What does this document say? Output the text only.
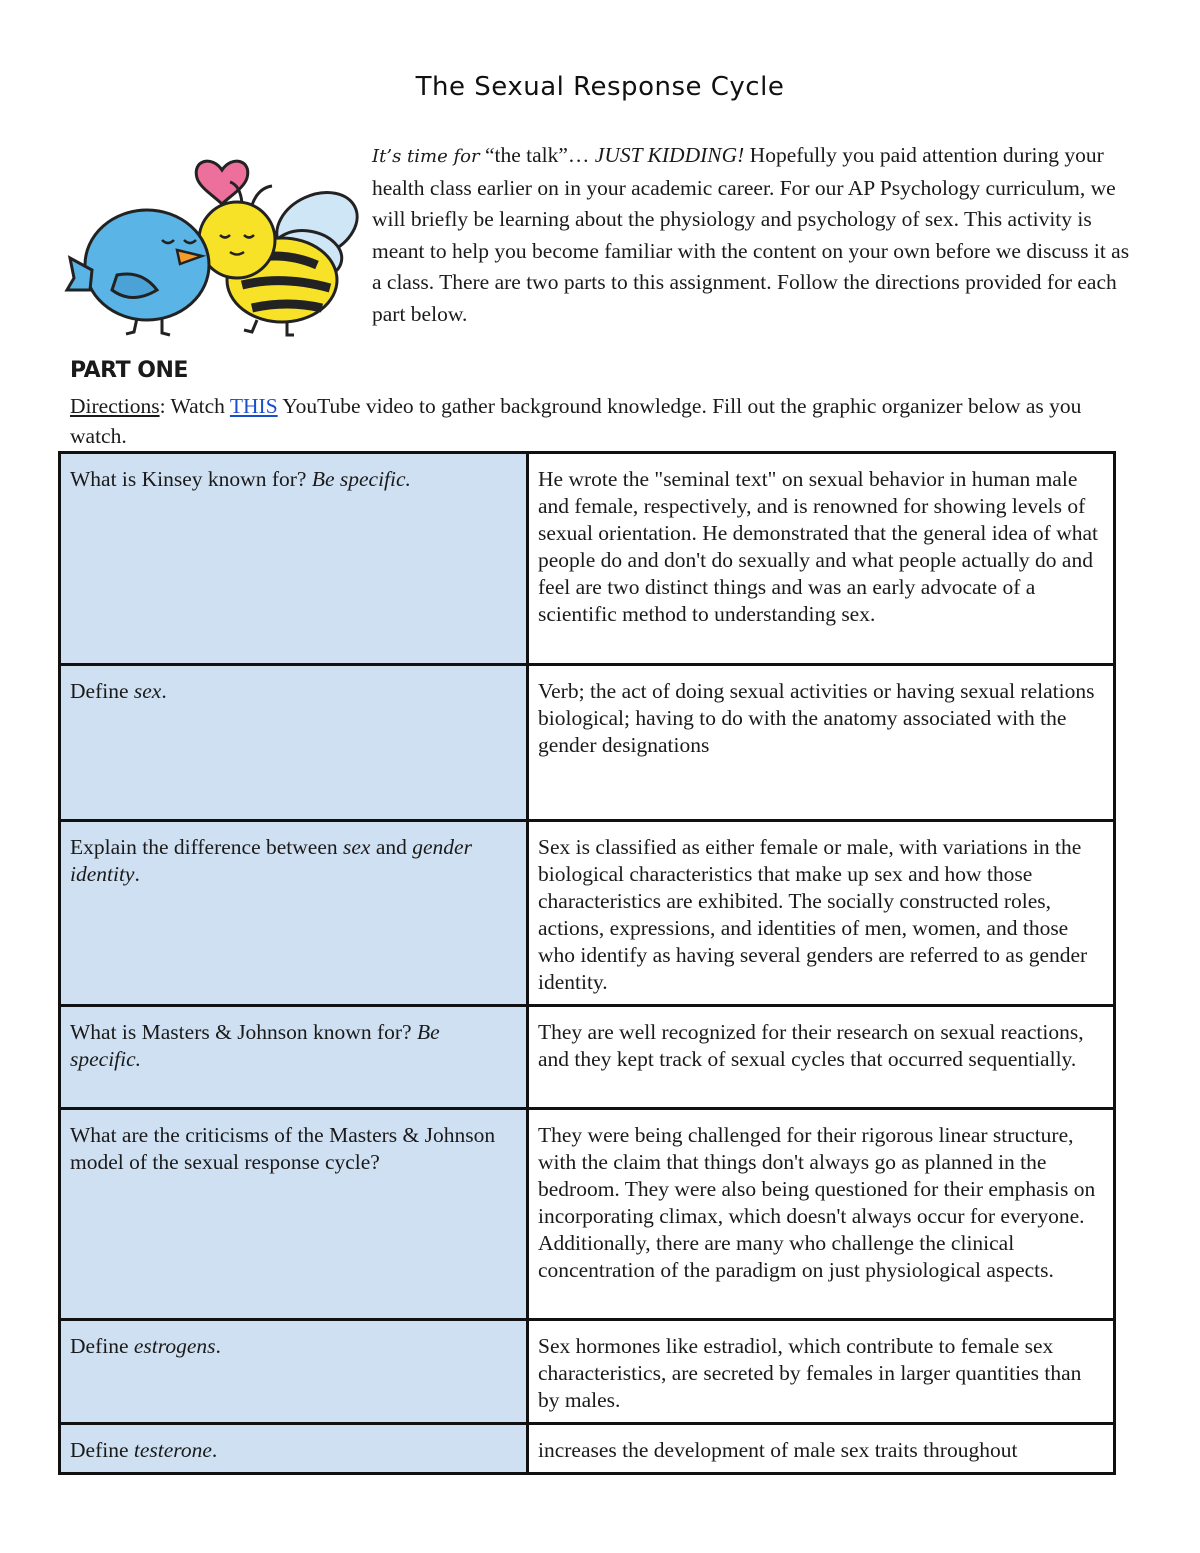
The Sexual Response Cycle
It’s time for “the talk”… JUST KIDDING! Hopefully you paid attention during your health class earlier on in your academic career. For our AP Psychology curriculum, we will briefly be learning about the physiology and psychology of sex. This activity is meant to help you become familiar with the content on your own before we discuss it as a class. There are two parts to this assignment. Follow the directions provided for each part below.
PART ONE
Directions: Watch THIS YouTube video to gather background knowledge. Fill out the graphic organizer below as you watch.
What is Kinsey known for? Be specific.	He wrote the "seminal text" on sexual behavior in human male and female, respectively, and is renowned for showing levels of sexual orientation. He demonstrated that the general idea of what people do and don't do sexually and what people actually do and feel are two distinct things and was an early advocate of a scientific method to understanding sex.
Define sex.	Verb; the act of doing sexual activities or having sexual relations
biological; having to do with the anatomy associated with the gender designations

Explain the difference between sex and gender identity.	Sex is classified as either female or male, with variations in the biological characteristics that make up sex and how those characteristics are exhibited. The socially constructed roles, actions, expressions, and identities of men, women, and those who identify as having several genders are referred to as gender identity.
What is Masters & Johnson known for? Be specific.	They are well recognized for their research on sexual reactions, and they kept track of sexual cycles that occurred sequentially.
What are the criticisms of the Masters & Johnson model of the sexual response cycle?	They were being challenged for their rigorous linear structure, with the claim that things don't always go as planned in the bedroom. They were also being questioned for their emphasis on incorporating climax, which doesn't always occur for everyone. Additionally, there are many who challenge the clinical concentration of the paradigm on just physiological aspects.
Define estrogens.	Sex hormones like estradiol, which contribute to female sex characteristics, are secreted by females in larger quantities than by males.
Define testerone.	increases the development of male sex traits throughout
